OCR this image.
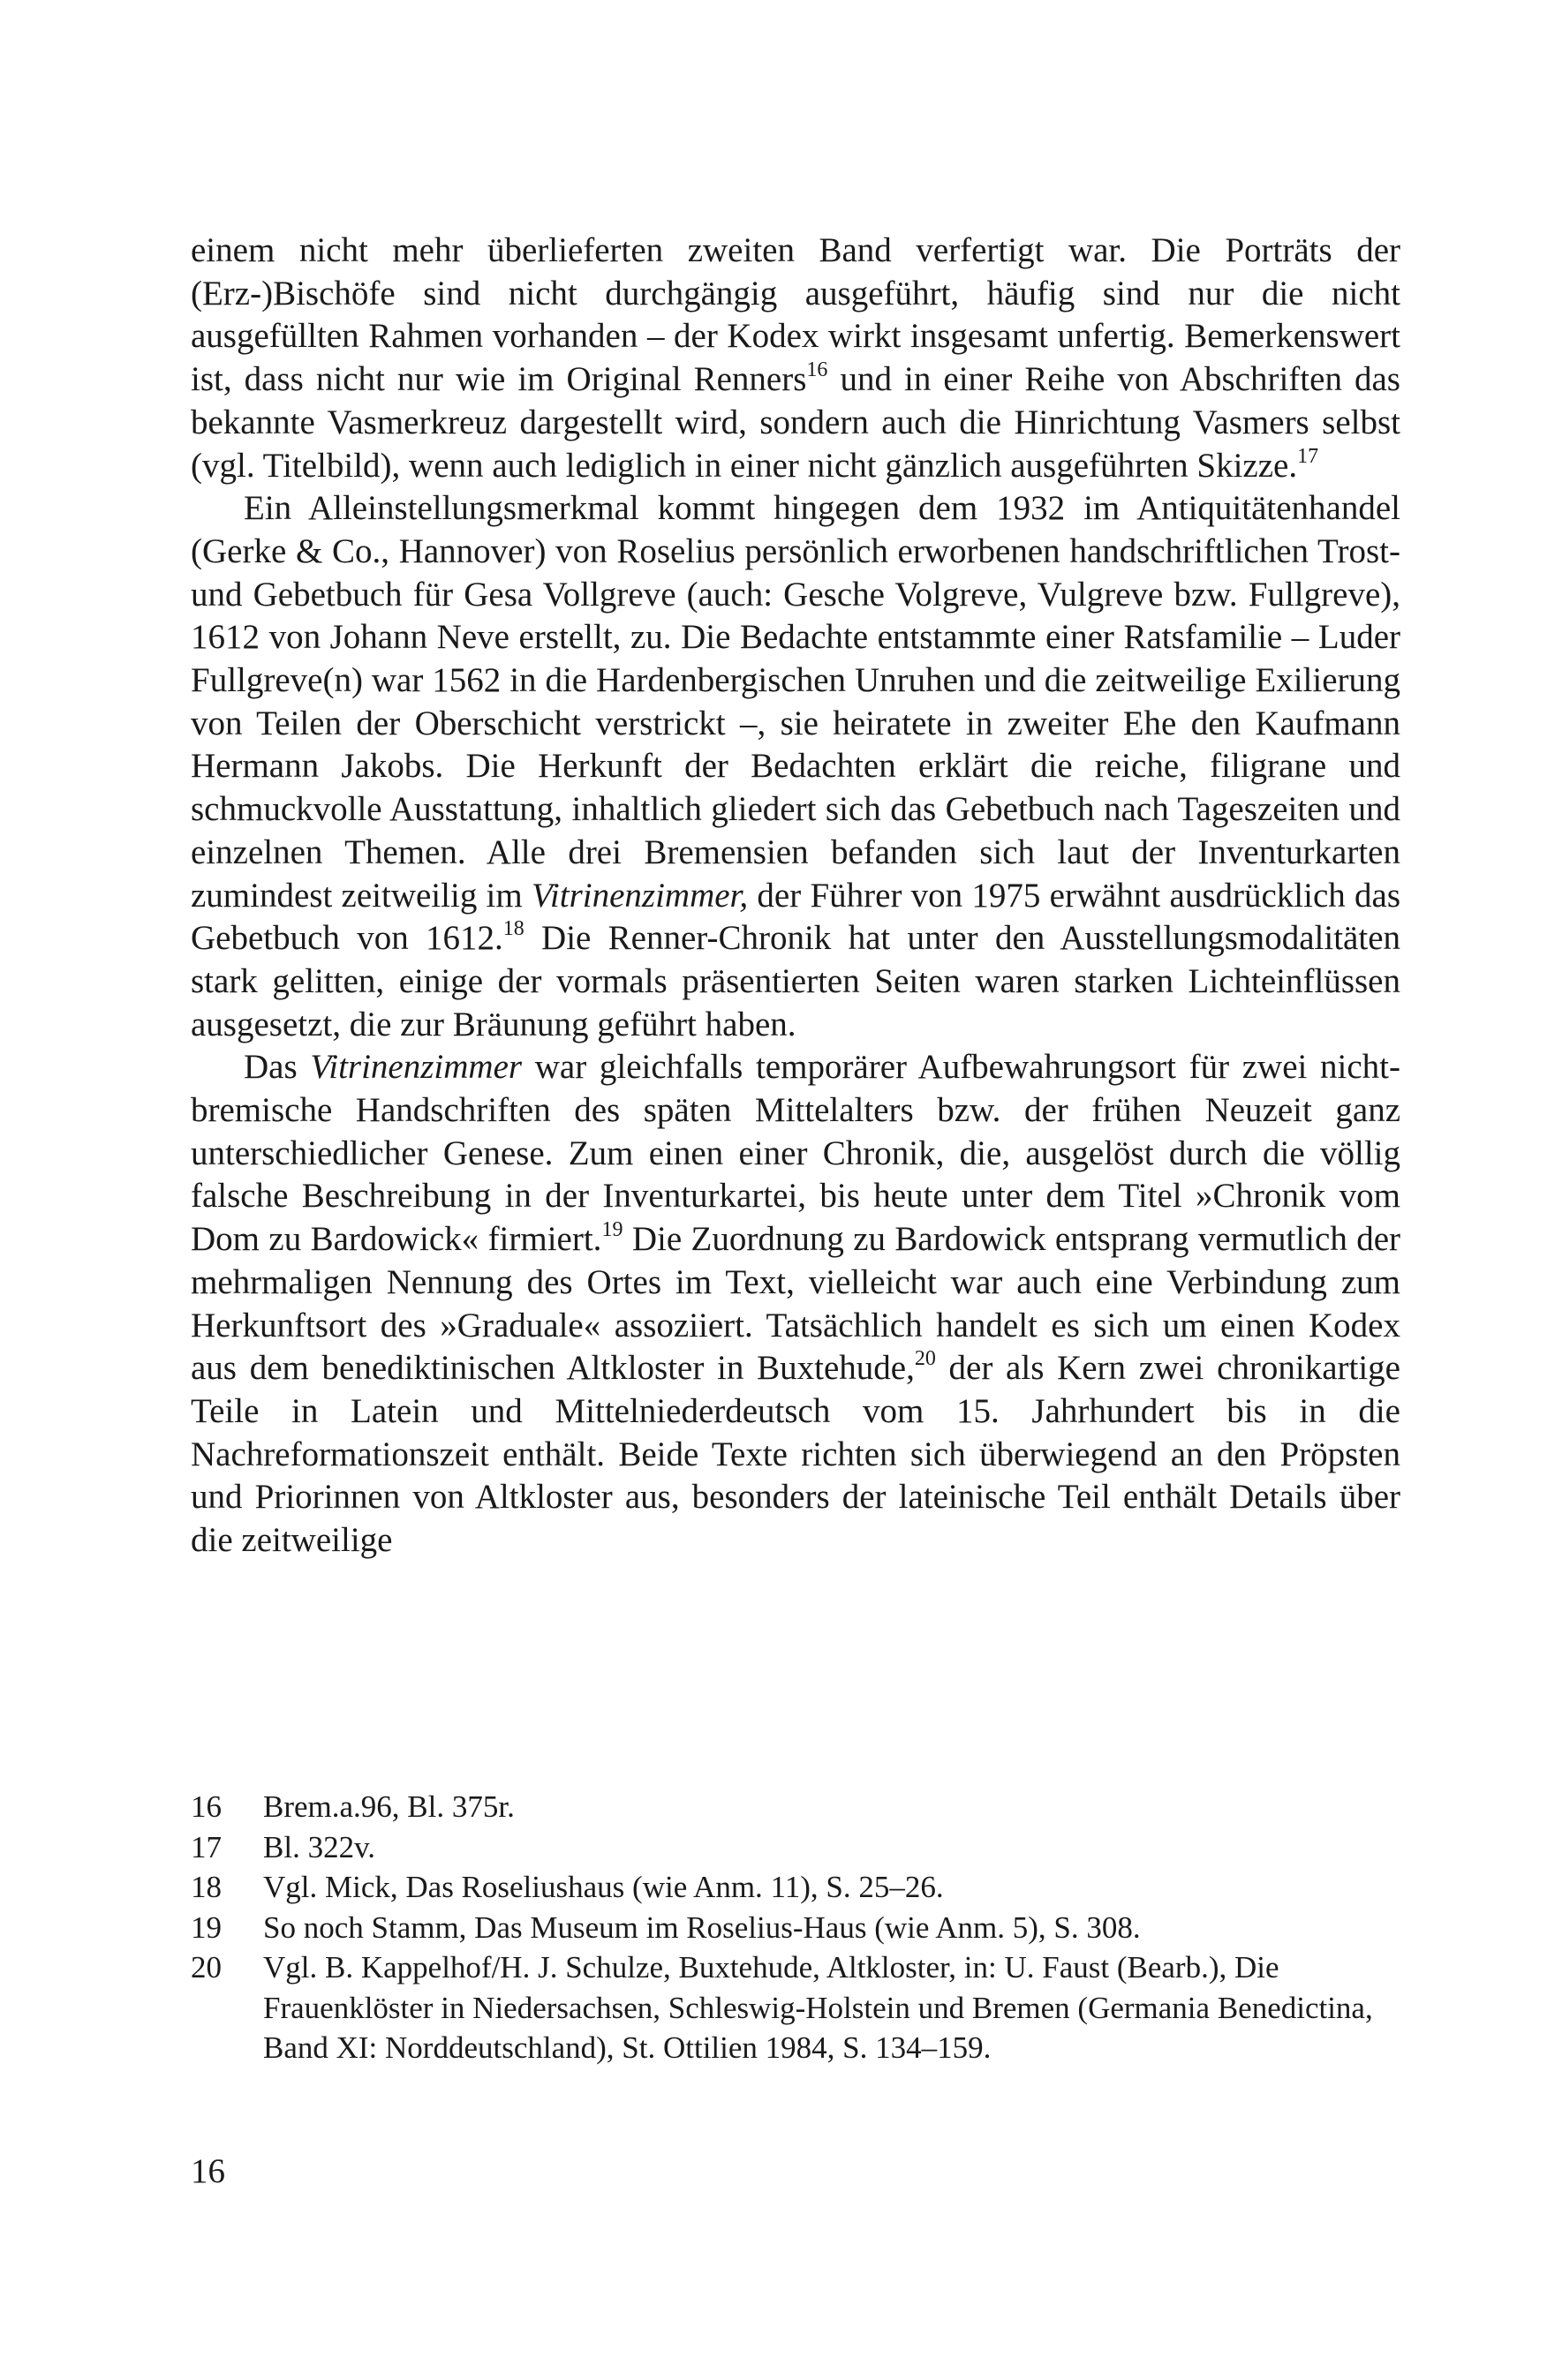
einem nicht mehr überlieferten zweiten Band verfertigt war. Die Porträts der (Erz-)Bischöfe sind nicht durchgängig ausgeführt, häufig sind nur die nicht ausgefüllten Rahmen vorhanden – der Kodex wirkt insgesamt unfertig. Bemerkenswert ist, dass nicht nur wie im Original Renners$^{16}$ und in einer Reihe von Abschriften das bekannte Vasmerkreuz dargestellt wird, sondern auch die Hinrichtung Vasmers selbst (vgl. Titelbild), wenn auch lediglich in einer nicht gänzlich ausgeführten Skizze.$^{17}$

Ein Alleinstellungsmerkmal kommt hingegen dem 1932 im Antiquitätenhandel (Gerke & Co., Hannover) von Roselius persönlich erworbenen handschriftlichen Trost- und Gebetbuch für Gesa Vollgreve (auch: Gesche Volgreve, Vulgreve bzw. Fullgreve), 1612 von Johann Neve erstellt, zu. Die Bedachte entstammte einer Ratsfamilie – Luder Fullgreve(n) war 1562 in die Hardenbergischen Unruhen und die zeitweilige Exilierung von Teilen der Oberschicht verstrickt –, sie heiratete in zweiter Ehe den Kaufmann Hermann Jakobs. Die Herkunft der Bedachten erklärt die reiche, filigrane und schmuckvolle Ausstattung, inhaltlich gliedert sich das Gebetbuch nach Tageszeiten und einzelnen Themen. Alle drei Bremensien befanden sich laut der Inventurkarten zumindest zeitweilig im Vitrinenzimmer, der Führer von 1975 erwähnt ausdrücklich das Gebetbuch von 1612.18 Die Renner-Chronik hat unter den Ausstellungsmodalitäten stark gelitten, einige der vormals präsentierten Seiten waren starken Lichteinflüssen ausgesetzt, die zur Bräunung geführt haben.

Das Vitrinenzimmer war gleichfalls temporärer Aufbewahrungsort für zwei nicht-bremische Handschriften des späten Mittelalters bzw. der frühen Neuzeit ganz unterschiedlicher Genese. Zum einen einer Chronik, die, ausgelöst durch die völlig falsche Beschreibung in der Inventurkartei, bis heute unter dem Titel »Chronik vom Dom zu Bardowick« firmiert.$^{19}$ Die Zuordnung zu Bardowick entsprang vermutlich der mehrmaligen Nennung des Ortes im Text, vielleicht war auch eine Verbindung zum Herkunftsort des »Graduale« assoziiert. Tatsächlich handelt es sich um einen Kodex aus dem benediktinischen Altkloster in Buxtehude,$^{20}$ der als Kern zwei chronikartige Teile in Latein und Mittelniederdeutsch vom 15. Jahrhundert bis in die Nachreformationszeit enthält. Beide Texte richten sich überwiegend an den Pröpsten und Priorinnen von Altkloster aus, besonders der lateinische Teil enthält Details über die zeitweilige

16	Brem.a.96, Bl. 375r.
17	Bl. 322v.
18	Vgl. Mick, Das Roseliushaus (wie Anm. 11), S. 25–26.
19	So noch Stamm, Das Museum im Roselius-Haus (wie Anm. 5), S. 308.
20	Vgl. B. Kappelhof/H. J. Schulze, Buxtehude, Altkloster, in: U. Faust (Bearb.), Die Frauenklöster in Niedersachsen, Schleswig-Holstein und Bremen (Germania Benedictina, Band XI: Norddeutschland), St. Ottilien 1984, S. 134–159.
16
